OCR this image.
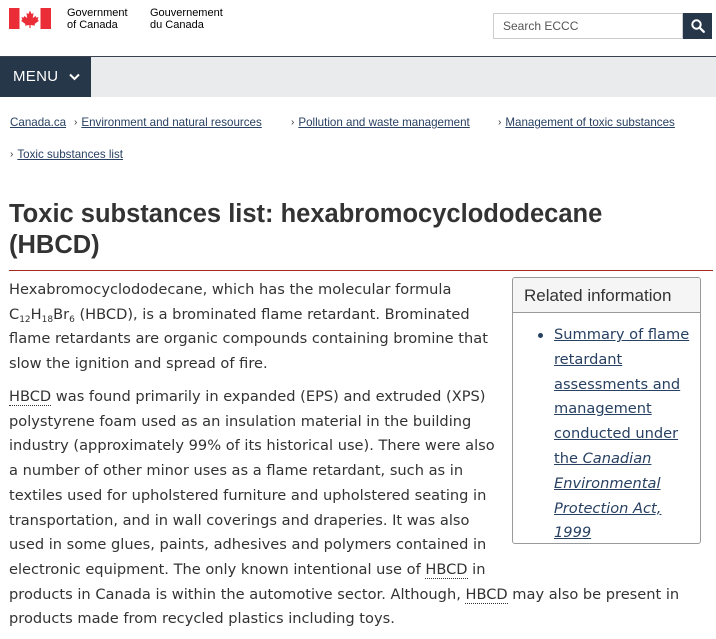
Government
of Canada
Gouvernement
du Canada	Search ECCC
MENU
Canada.ca › Environment and natural resources	› Pollution and waste management	› Management of toxic substances
› Toxic substances list
Toxic substances list: hexabromocyclododecane
(HBCD)
Hexabromocyclododecane, which has the molecular formula
$C_{12}H_{18}Br_6$ (HBCD), is a brominated flame retardant. Brominated
flame retardants are organic compounds containing bromine that
slow the ignition and spread of fire.
HBCD was found primarily in expanded (EPS) and extruded (XPS)
polystyrene foam used as an insulation material in the building
industry (approximately 99% of its historical use). There were also
a number of other minor uses as a flame retardant, such as in
textiles used for upholstered furniture and upholstered seating in
transportation, and in wall coverings and draperies. It was also
used in some glues, paints, adhesives and polymers contained in
electronic equipment. The only known intentional use of HBCD in
products in Canada is within the automotive sector. Although, HBCD may also be present in
products made from recycled plastics including toys.
Related information
Summary of flame
retardant
assessments and
management
conducted under
the Canadian
Environmental
Protection Act, 1999
